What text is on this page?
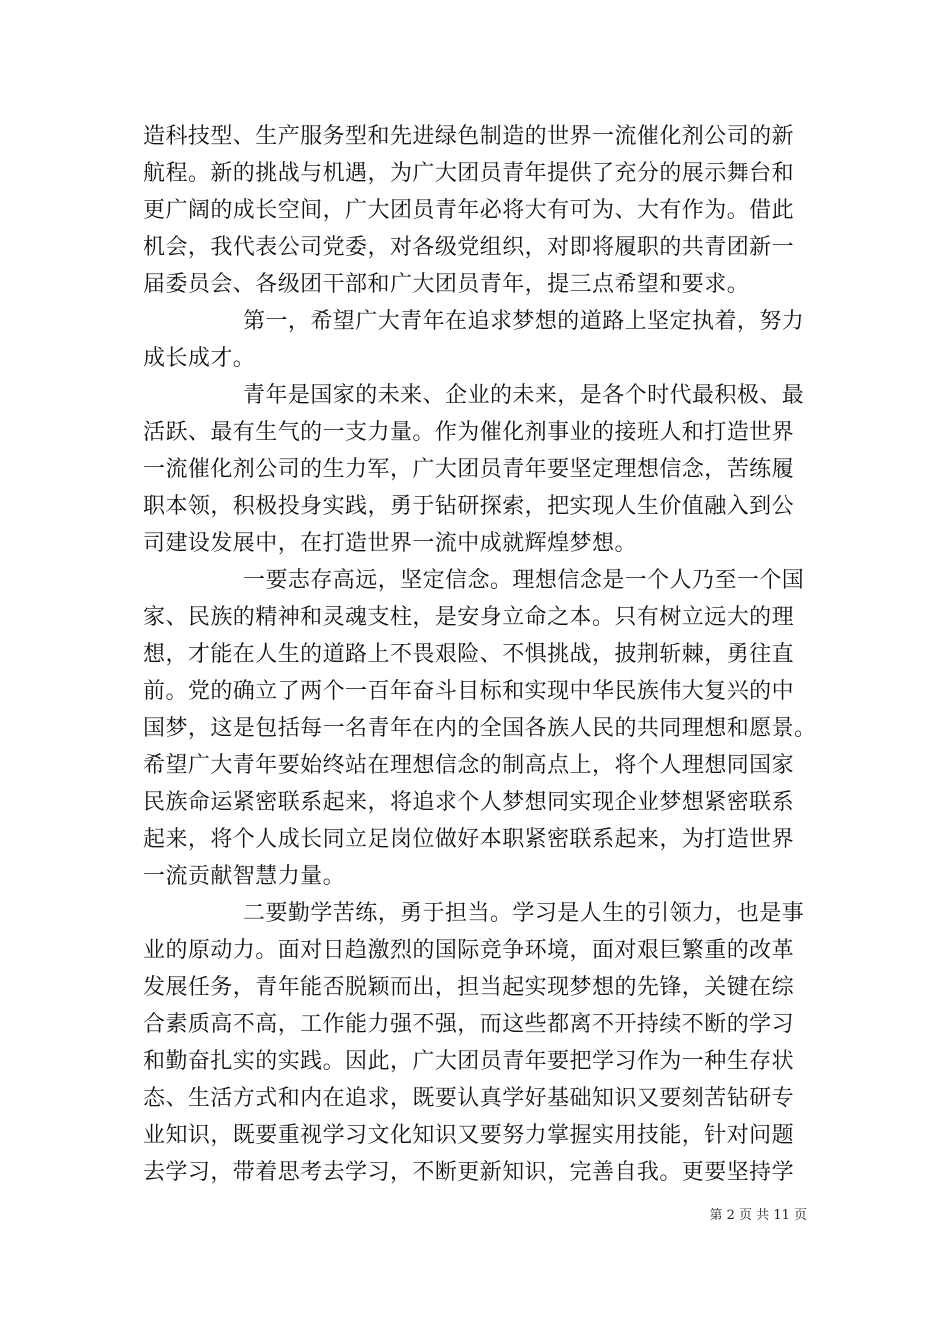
造科技型、生产服务型和先进绿色制造的世界一流催化剂公司的新
航程。新的挑战与机遇，为广大团员青年提供了充分的展示舞台和
更广阔的成长空间，广大团员青年必将大有可为、大有作为。借此
机会，我代表公司党委，对各级党组织，对即将履职的共青团新一
届委员会、各级团干部和广大团员青年，提三点希望和要求。
第一，希望广大青年在追求梦想的道路上坚定执着，努力
成长成才。
青年是国家的未来、企业的未来，是各个时代最积极、最
活跃、最有生气的一支力量。作为催化剂事业的接班人和打造世界
一流催化剂公司的生力军，广大团员青年要坚定理想信念，苦练履
职本领，积极投身实践，勇于钻研探索，把实现人生价值融入到公
司建设发展中，在打造世界一流中成就辉煌梦想。
一要志存高远，坚定信念。理想信念是一个人乃至一个国
家、民族的精神和灵魂支柱，是安身立命之本。只有树立远大的理
想，才能在人生的道路上不畏艰险、不惧挑战，披荆斩棘，勇往直
前。党的确立了两个一百年奋斗目标和实现中华民族伟大复兴的中
国梦，这是包括每一名青年在内的全国各族人民的共同理想和愿景。
希望广大青年要始终站在理想信念的制高点上，将个人理想同国家
民族命运紧密联系起来，将追求个人梦想同实现企业梦想紧密联系
起来，将个人成长同立足岗位做好本职紧密联系起来，为打造世界
一流贡献智慧力量。
二要勤学苦练，勇于担当。学习是人生的引领力，也是事
业的原动力。面对日趋激烈的国际竞争环境，面对艰巨繁重的改革
发展任务，青年能否脱颖而出，担当起实现梦想的先锋，关键在综
合素质高不高，工作能力强不强，而这些都离不开持续不断的学习
和勤奋扎实的实践。因此，广大团员青年要把学习作为一种生存状
态、生活方式和内在追求，既要认真学好基础知识又要刻苦钻研专
业知识，既要重视学习文化知识又要努力掌握实用技能，针对问题
去学习，带着思考去学习，不断更新知识，完善自我。更要坚持学
第 2 页 共 11 页
